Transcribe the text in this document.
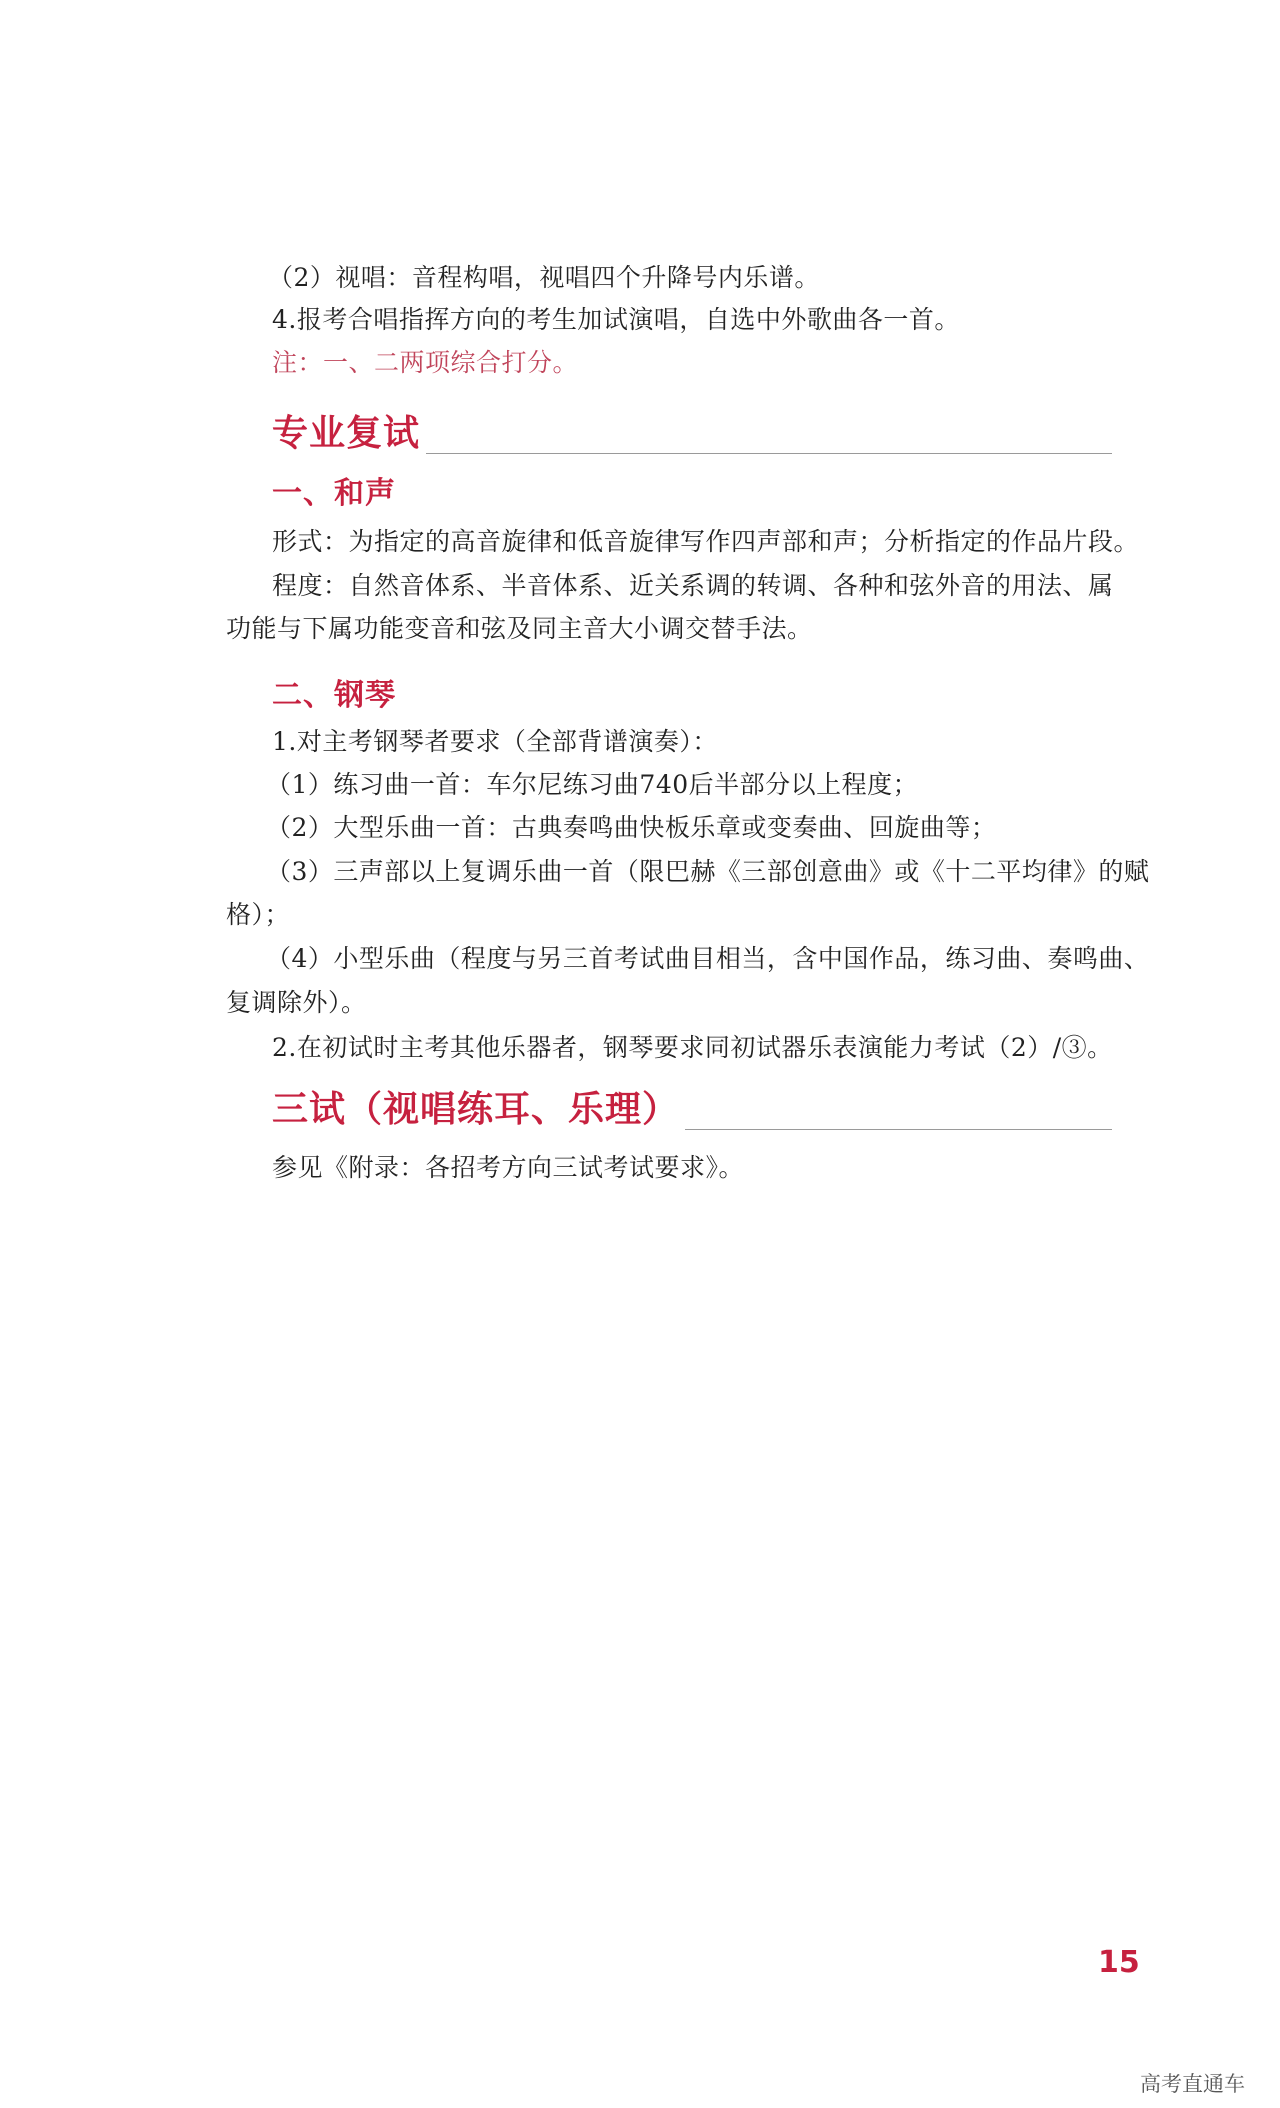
（2）视唱：音程构唱，视唱四个升降号内乐谱。
4.报考合唱指挥方向的考生加试演唱，自选中外歌曲各一首。
注：一、二两项综合打分。
专业复试
一、和声
形式：为指定的高音旋律和低音旋律写作四声部和声；分析指定的作品片段。
程度：自然音体系、半音体系、近关系调的转调、各种和弦外音的用法、属
功能与下属功能变音和弦及同主音大小调交替手法。
二、钢琴
1.对主考钢琴者要求（全部背谱演奏）：
（1）练习曲一首：车尔尼练习曲740后半部分以上程度；
（2）大型乐曲一首：古典奏鸣曲快板乐章或变奏曲、回旋曲等；
（3）三声部以上复调乐曲一首（限巴赫《三部创意曲》或《十二平均律》的赋
格）；
（4）小型乐曲（程度与另三首考试曲目相当，含中国作品，练习曲、奏鸣曲、
复调除外）。
2.在初试时主考其他乐器者，钢琴要求同初试器乐表演能力考试（2）/③。
三试（视唱练耳、乐理）
参见《附录：各招考方向三试考试要求》。
15
高考直通车
